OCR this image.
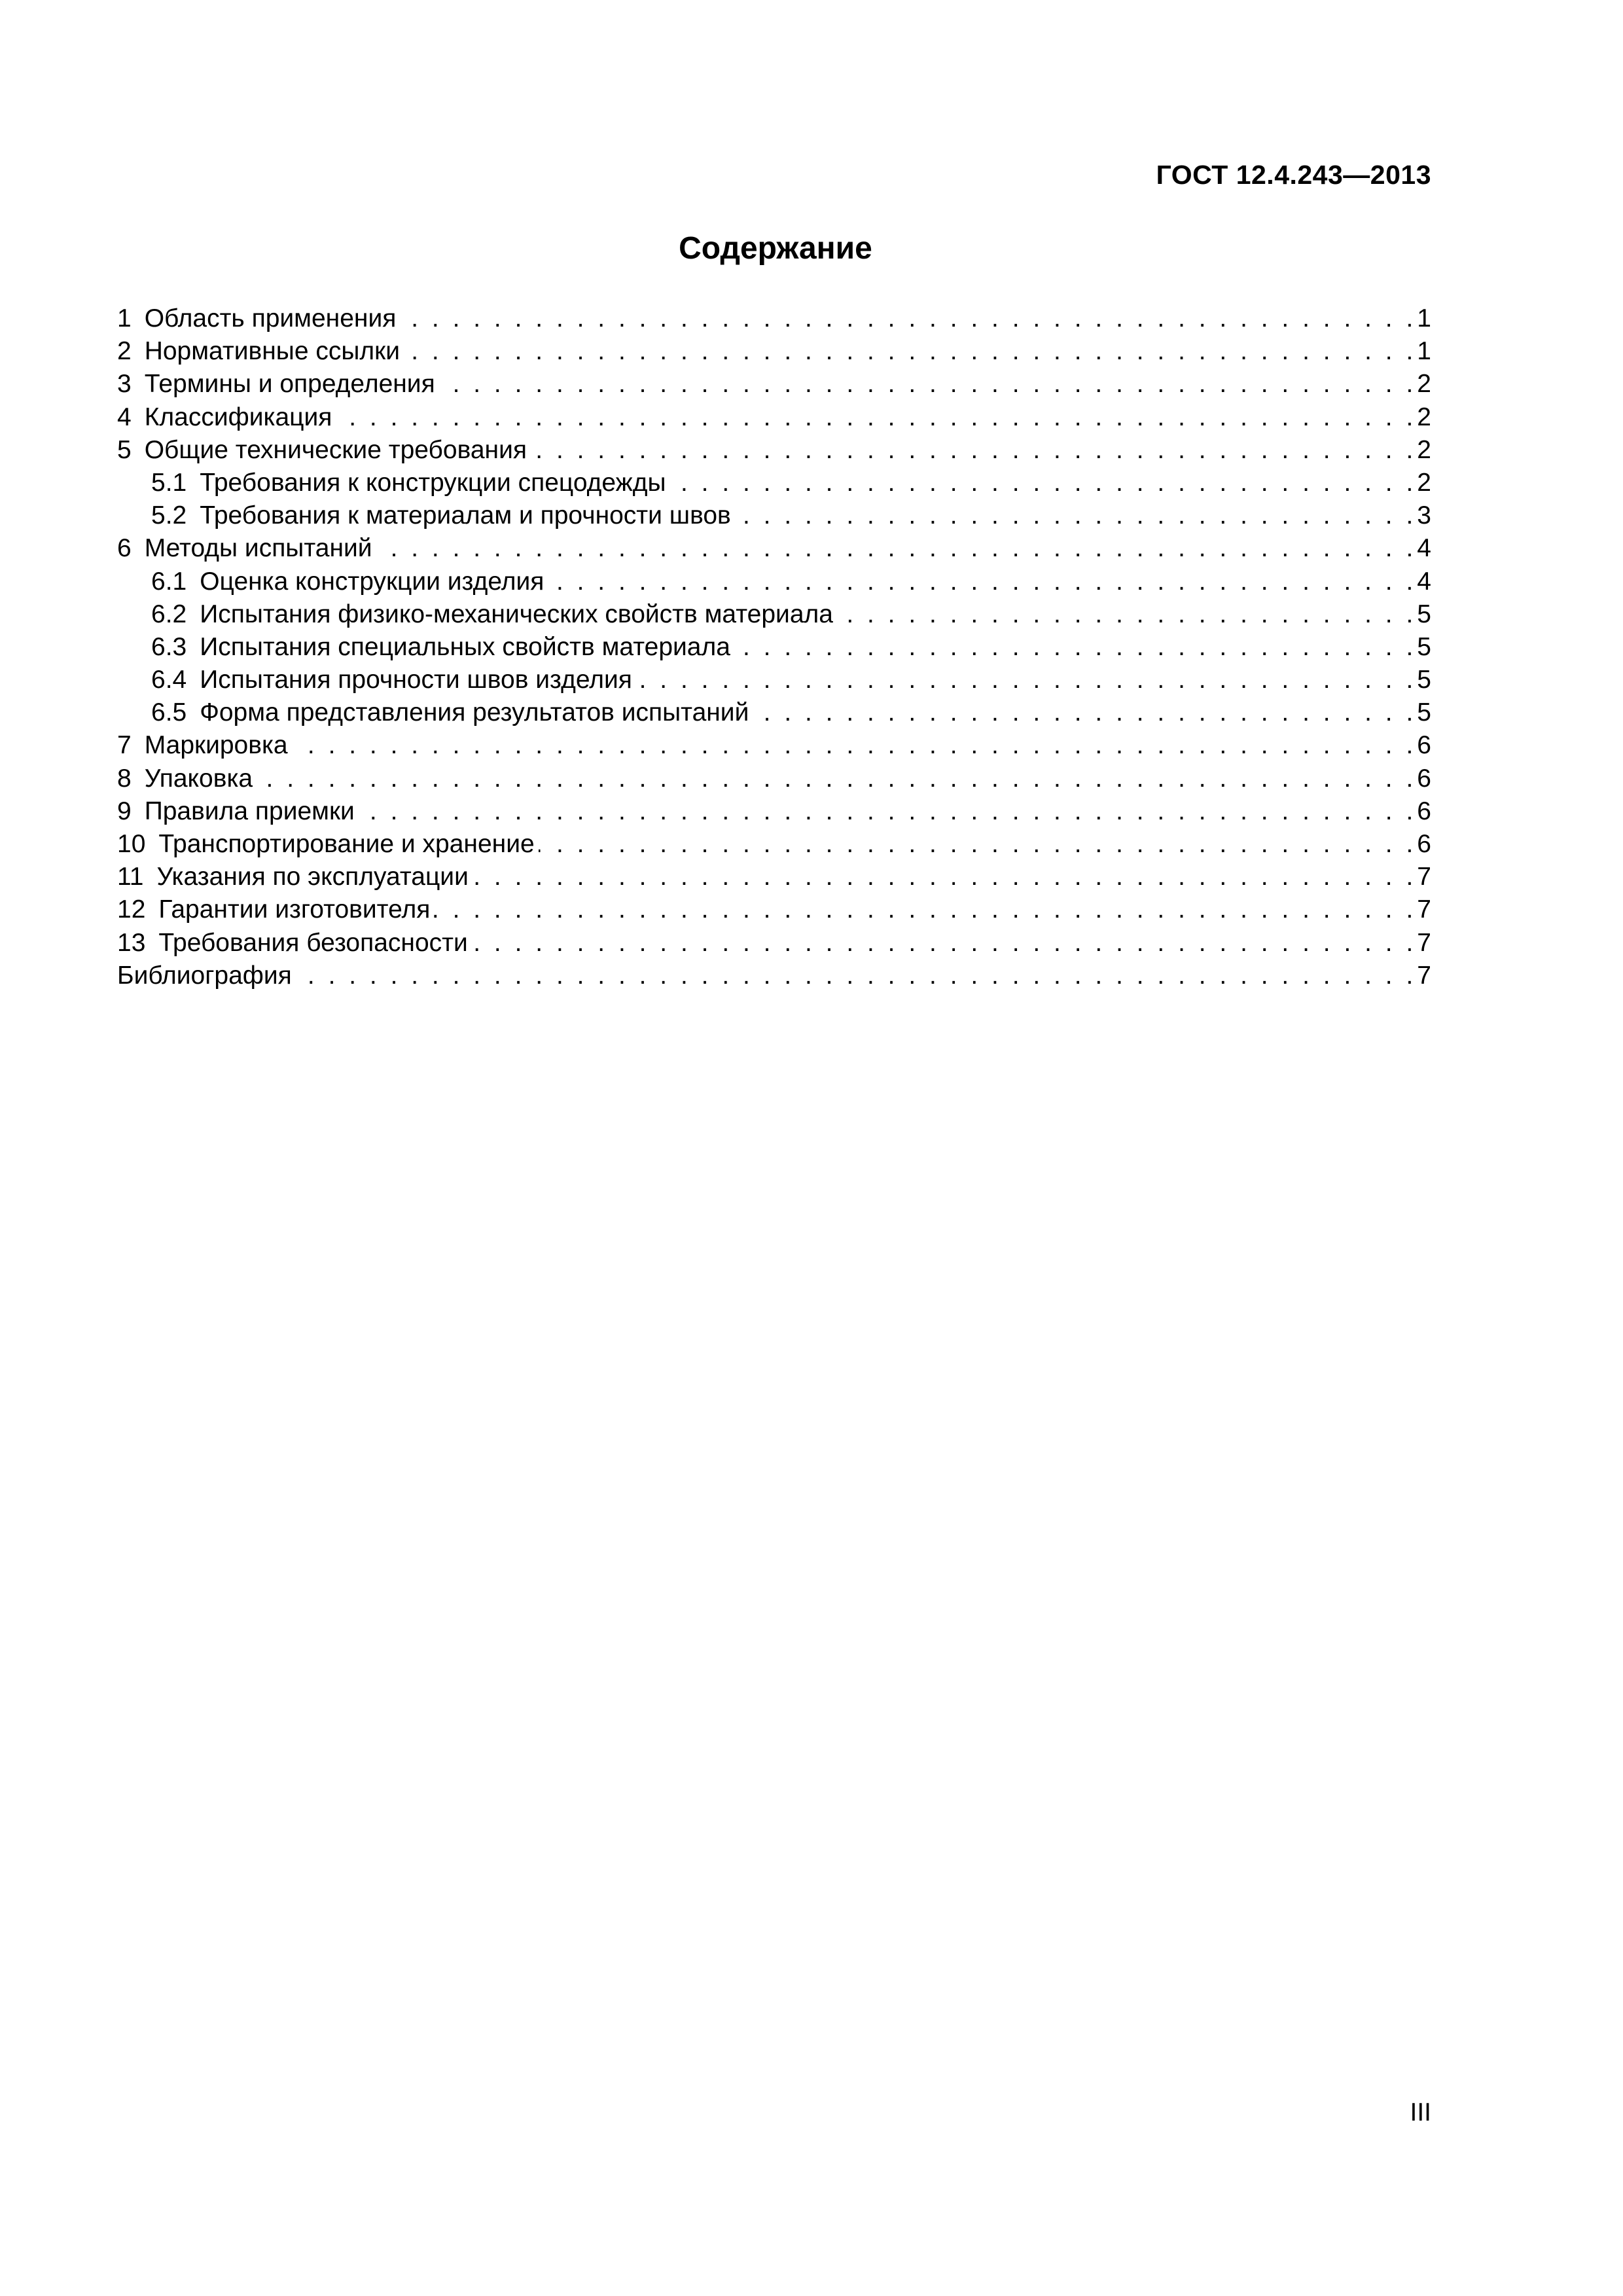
ГОСТ 12.4.243—2013
Содержание
1 Область применения . . .	1
2 Нормативные ссылки . . .	1
3 Термины и определения . . .	2
4 Классификация . . .	2
5 Общие технические требования . . .	2
5.1 Требования к конструкции спецодежды . . .	2
5.2 Требования к материалам и прочности швов . . .	3
6 Методы испытаний . . .	4
6.1 Оценка конструкции изделия . . .	4
6.2 Испытания физико-механических свойств материала . . .	5
6.3 Испытания специальных свойств материала . . .	5
6.4 Испытания прочности швов изделия . . .	5
6.5 Форма представления результатов испытаний . . .	5
7 Маркировка . . .	6
8 Упаковка . . .	6
9 Правила приемки . . .	6
10 Транспортирование и хранение . . .	6
11 Указания по эксплуатации . . .	7
12 Гарантии изготовителя . . .	7
13 Требования безопасности . . .	7
Библиография . . .	7
III
